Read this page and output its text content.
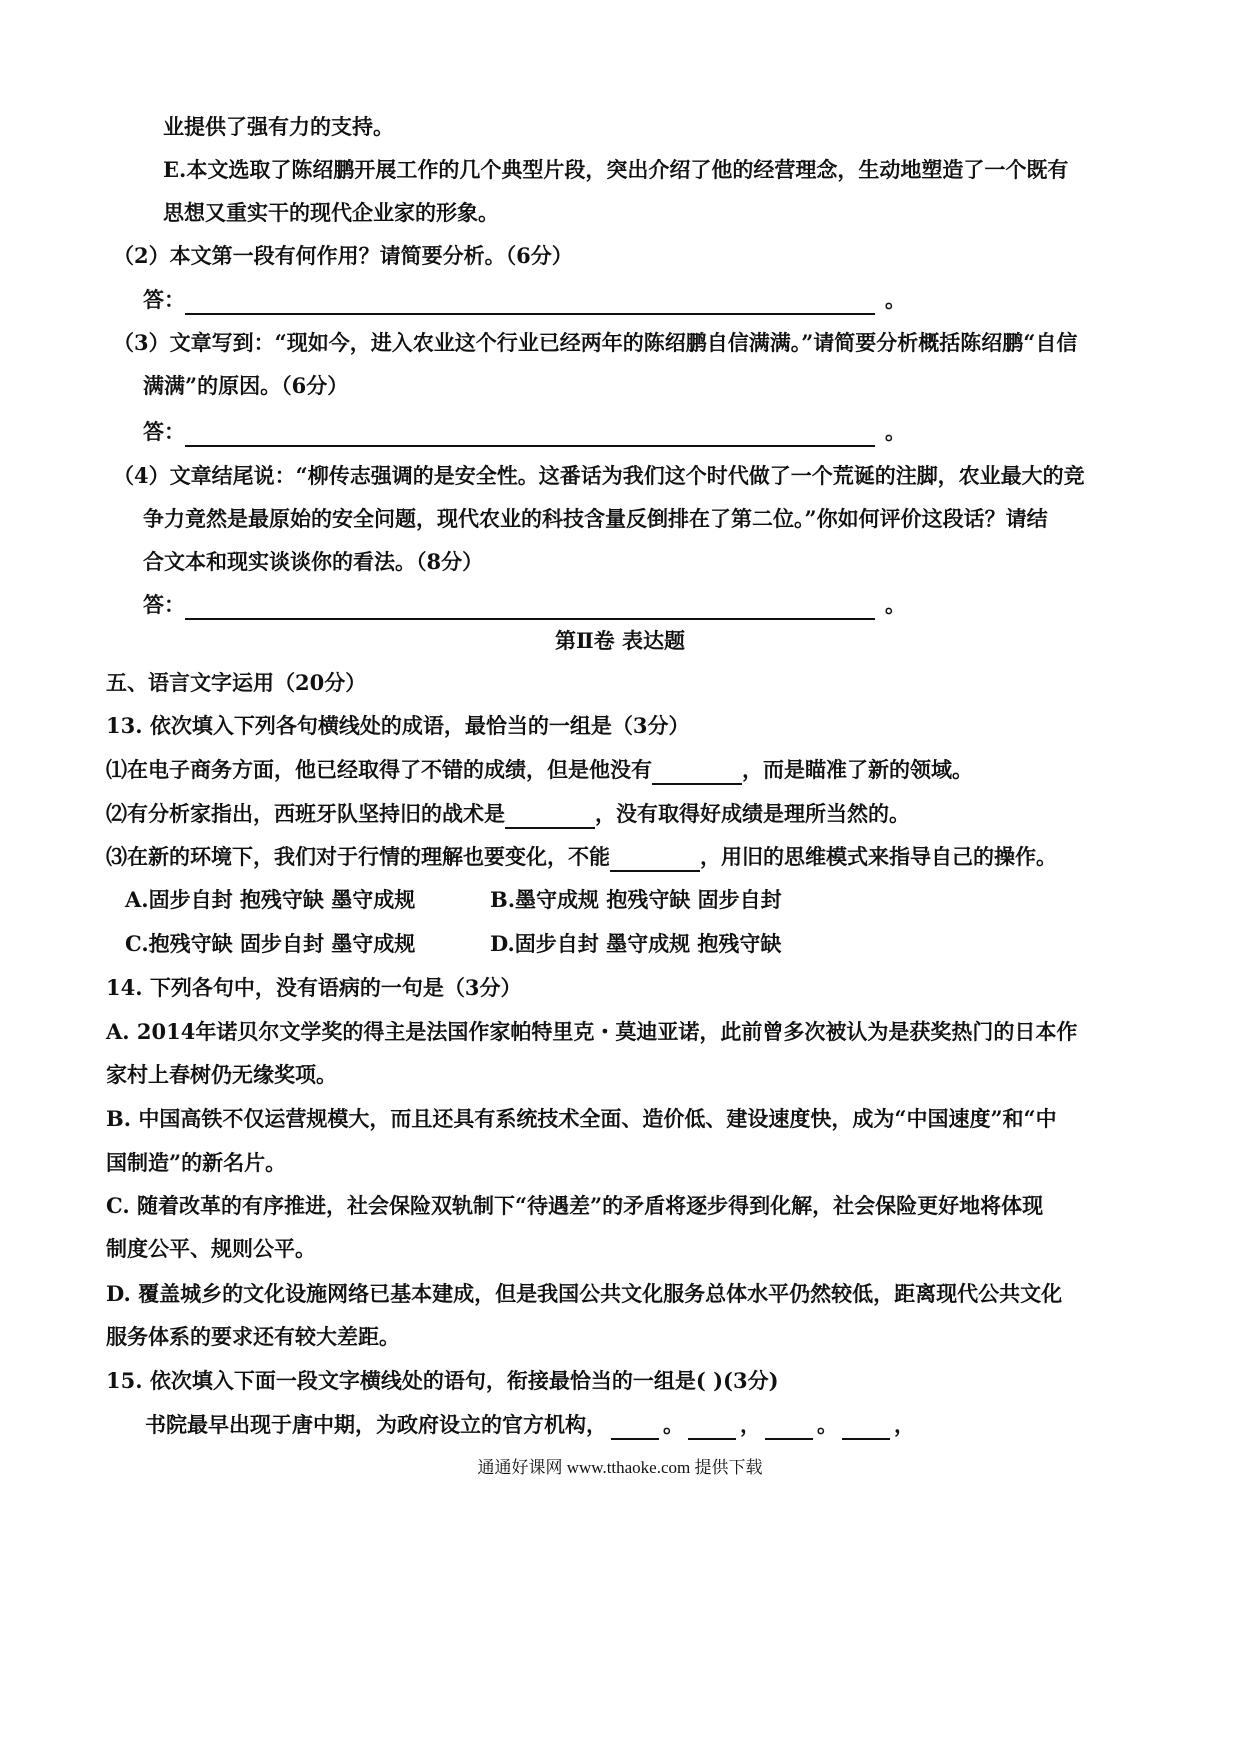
业提供了强有力的支持。
E.本文选取了陈绍鹏开展工作的几个典型片段，突出介绍了他的经营理念，生动地塑造了一个既有
思想又重实干的现代企业家的形象。
（2）本文第一段有何作用？请简要分析。（6分）
答：	。
（3）文章写到：“现如今，进入农业这个行业已经两年的陈绍鹏自信满满。”请简要分析概括陈绍鹏“自信
满满”的原因。（6分）
答：	。
（4）文章结尾说：“柳传志强调的是安全性。这番话为我们这个时代做了一个荒诞的注脚，农业最大的竞
争力竟然是最原始的安全问题，现代农业的科技含量反倒排在了第二位。”你如何评价这段话？请结
合文本和现实谈谈你的看法。（8分）
答：	。
第Ⅱ卷 表达题
五、语言文字运用（20分）
13. 依次填入下列各句横线处的成语，最恰当的一组是（3分）
⑴在电子商务方面，他已经取得了不错的成绩，但是他没有	，而是瞄准了新的领域。
⑵有分析家指出，西班牙队坚持旧的战术是	，没有取得好成绩是理所当然的。
⑶在新的环境下，我们对于行情的理解也要变化，不能	，用旧的思维模式来指导自己的操作。
A.固步自封 抱残守缺 墨守成规	B.墨守成规 抱残守缺 固步自封
C.抱残守缺 固步自封 墨守成规	D.固步自封 墨守成规 抱残守缺
14. 下列各句中，没有语病的一句是（3分）
A. 2014年诺贝尔文学奖的得主是法国作家帕特里克・莫迪亚诺，此前曾多次被认为是获奖热门的日本作
家村上春树仍无缘奖项。
B. 中国高铁不仅运营规模大，而且还具有系统技术全面、造价低、建设速度快，成为“中国速度”和“中
国制造”的新名片。
C. 随着改革的有序推进，社会保险双轨制下“待遇差”的矛盾将逐步得到化解，社会保险更好地将体现
制度公平、规则公平。
D. 覆盖城乡的文化设施网络已基本建成，但是我国公共文化服务总体水平仍然较低，距离现代公共文化
服务体系的要求还有较大差距。
15. 依次填入下面一段文字横线处的语句，衔接最恰当的一组是( )(3分)
书院最早出现于唐中期，为政府设立的官方机构，	。	，	。	，
通通好课网 www.tthaoke.com 提供下载
